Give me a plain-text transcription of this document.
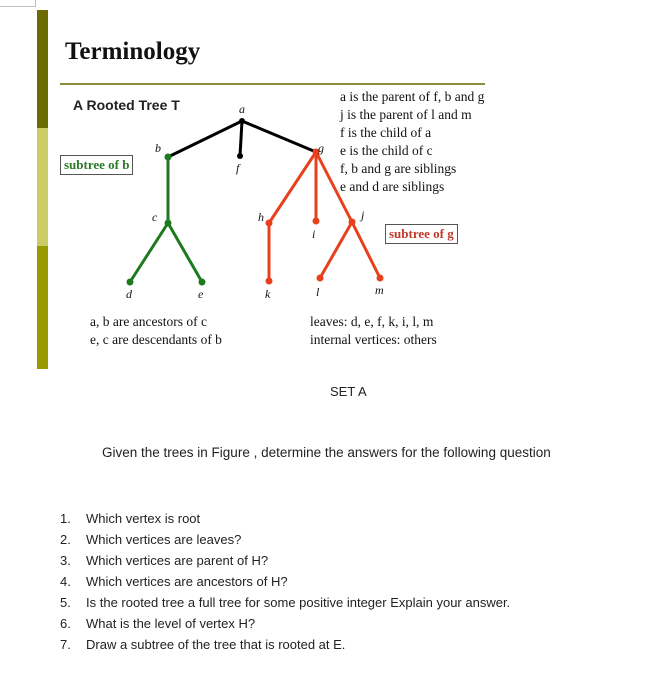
Terminology
A Rooted Tree T	a
b
f
g
c
d	e
h
i
j
k	l	m
subtree of b
subtree of g
a is the parent of f, b and g
j is the parent of l and m
f is the child of a
e is the child of c
f, b and g are siblings
e and d are siblings
a, b are ancestors of c
e, c are descendants of b
leaves: d, e, f, k, i, l, m
internal vertices: others
SET A
Given the trees in Figure , determine the answers for the following question
1. Which vertex is root
2. Which vertices are leaves?
3. Which vertices are parent of H?
4. Which vertices are ancestors of H?
5. Is the rooted tree a full tree for some positive integer Explain your answer.
6. What is the level of vertex H?
7. Draw a subtree of the tree that is rooted at E.
